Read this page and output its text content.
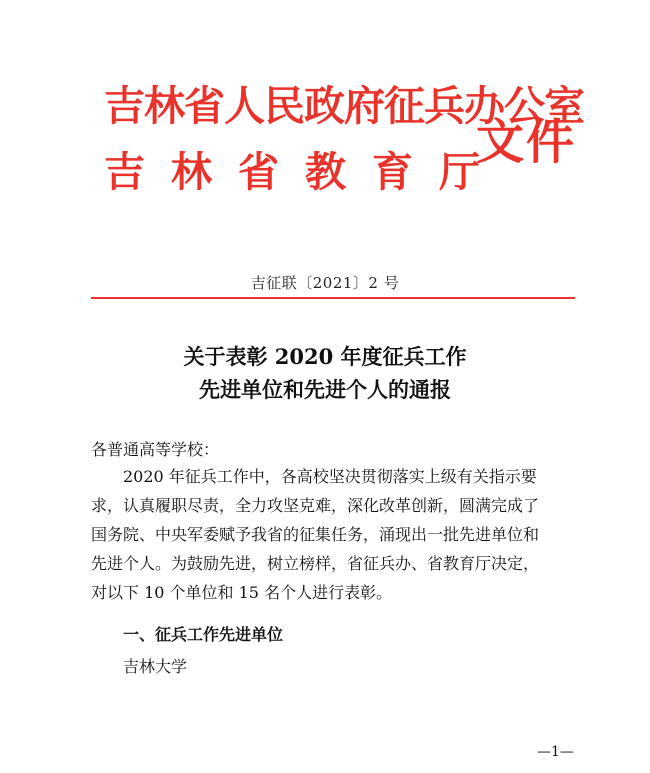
吉林省人民政府征兵办公室
吉林省教育厅
文件
吉征联〔2021〕2 号
关于表彰 2020 年度征兵工作
先进单位和先进个人的通报
各普通高等学校：
2020 年征兵工作中，各高校坚决贯彻落实上级有关指示要
求，认真履职尽责，全力攻坚克难，深化改革创新，圆满完成了
国务院、中央军委赋予我省的征集任务，涌现出一批先进单位和
先进个人。为鼓励先进，树立榜样，省征兵办、省教育厅决定，
对以下 10 个单位和 15 名个人进行表彰。
一、征兵工作先进单位
吉林大学
—1—
